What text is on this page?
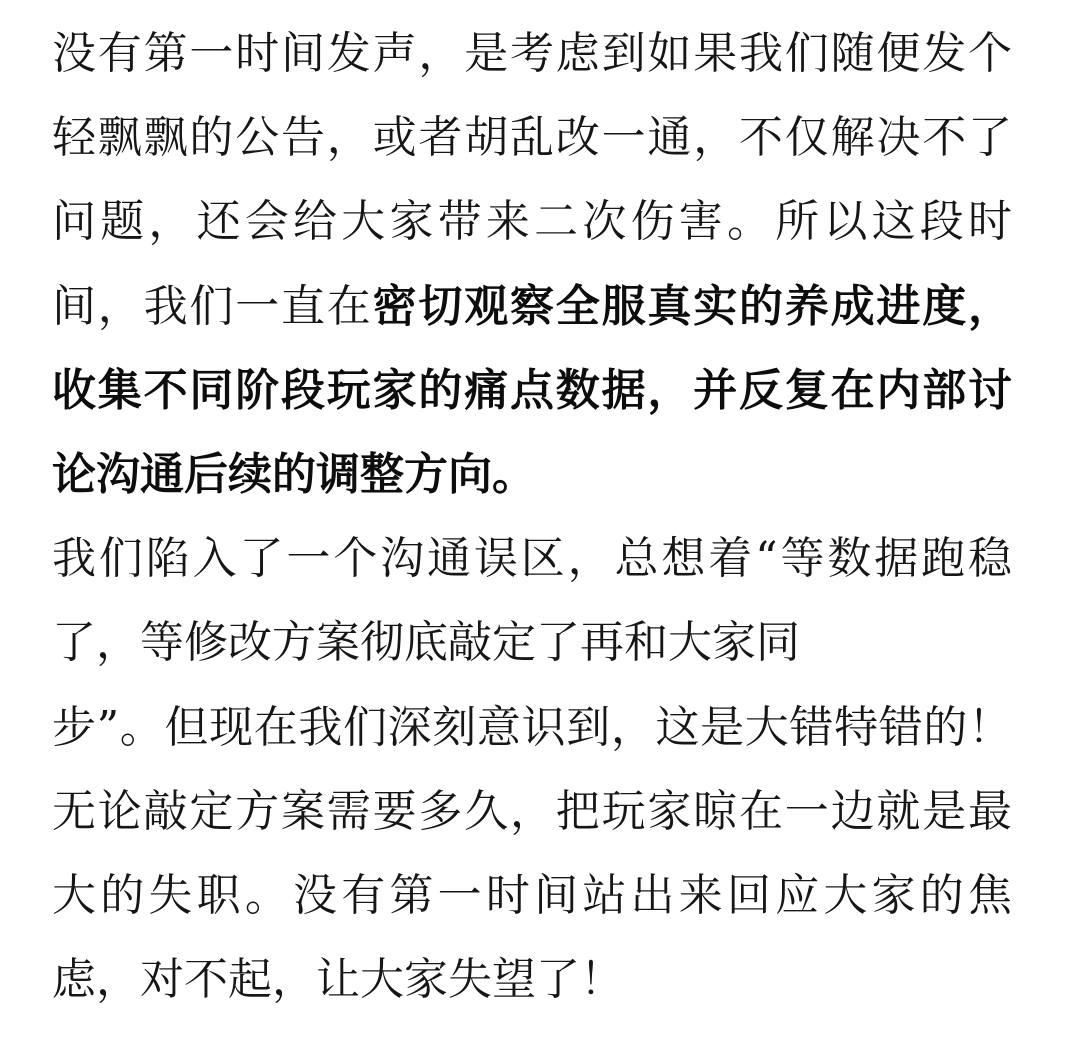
没有第一时间发声，是考虑到如果我们随便发个轻飘飘的公告，或者胡乱改一通，不仅解决不了问题，还会给大家带来二次伤害。所以这段时间，我们一直在密切观察全服真实的养成进度，收集不同阶段玩家的痛点数据，并反复在内部讨论沟通后续的调整方向。

我们陷入了一个沟通误区，总想着“等数据跑稳了，等修改方案彻底敲定了再和大家同
步”。但现在我们深刻意识到，这是大错特错的！无论敲定方案需要多久，把玩家晾在一边就是最大的失职。没有第一时间站出来回应大家的焦虑，对不起，让大家失望了！
